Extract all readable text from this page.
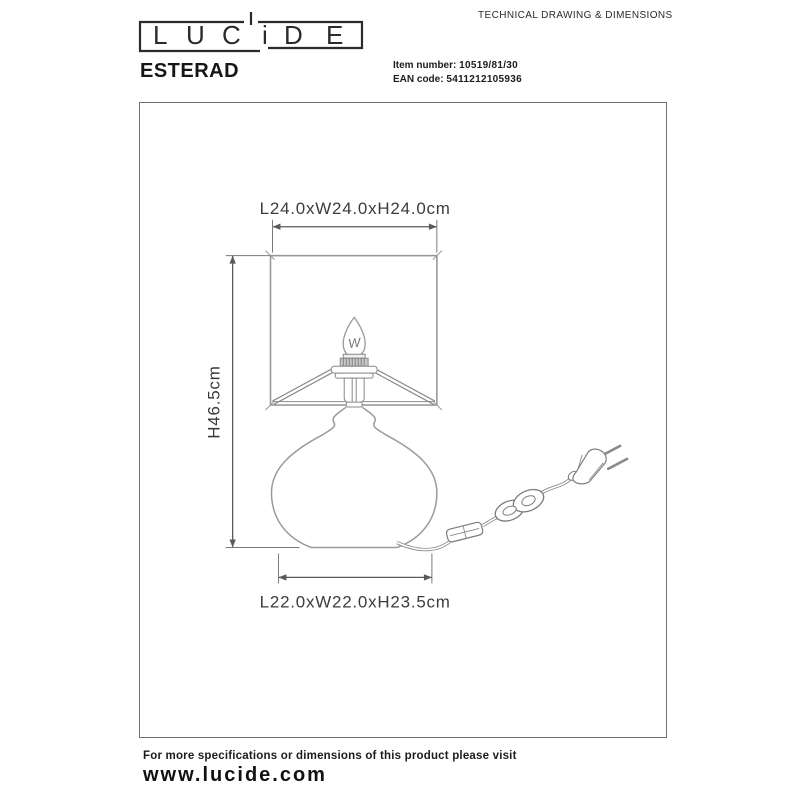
L U C i D E
TECHNICAL DRAWING & DIMENSIONS
ESTERAD	Item number: 10519/81/30
EAN code: 5411212105936
L24.0xW24.0xH24.0cm
H46.5cm
L22.0xW22.0xH23.5cm
W
For more specifications or dimensions of this product please visit
www.lucide.com
